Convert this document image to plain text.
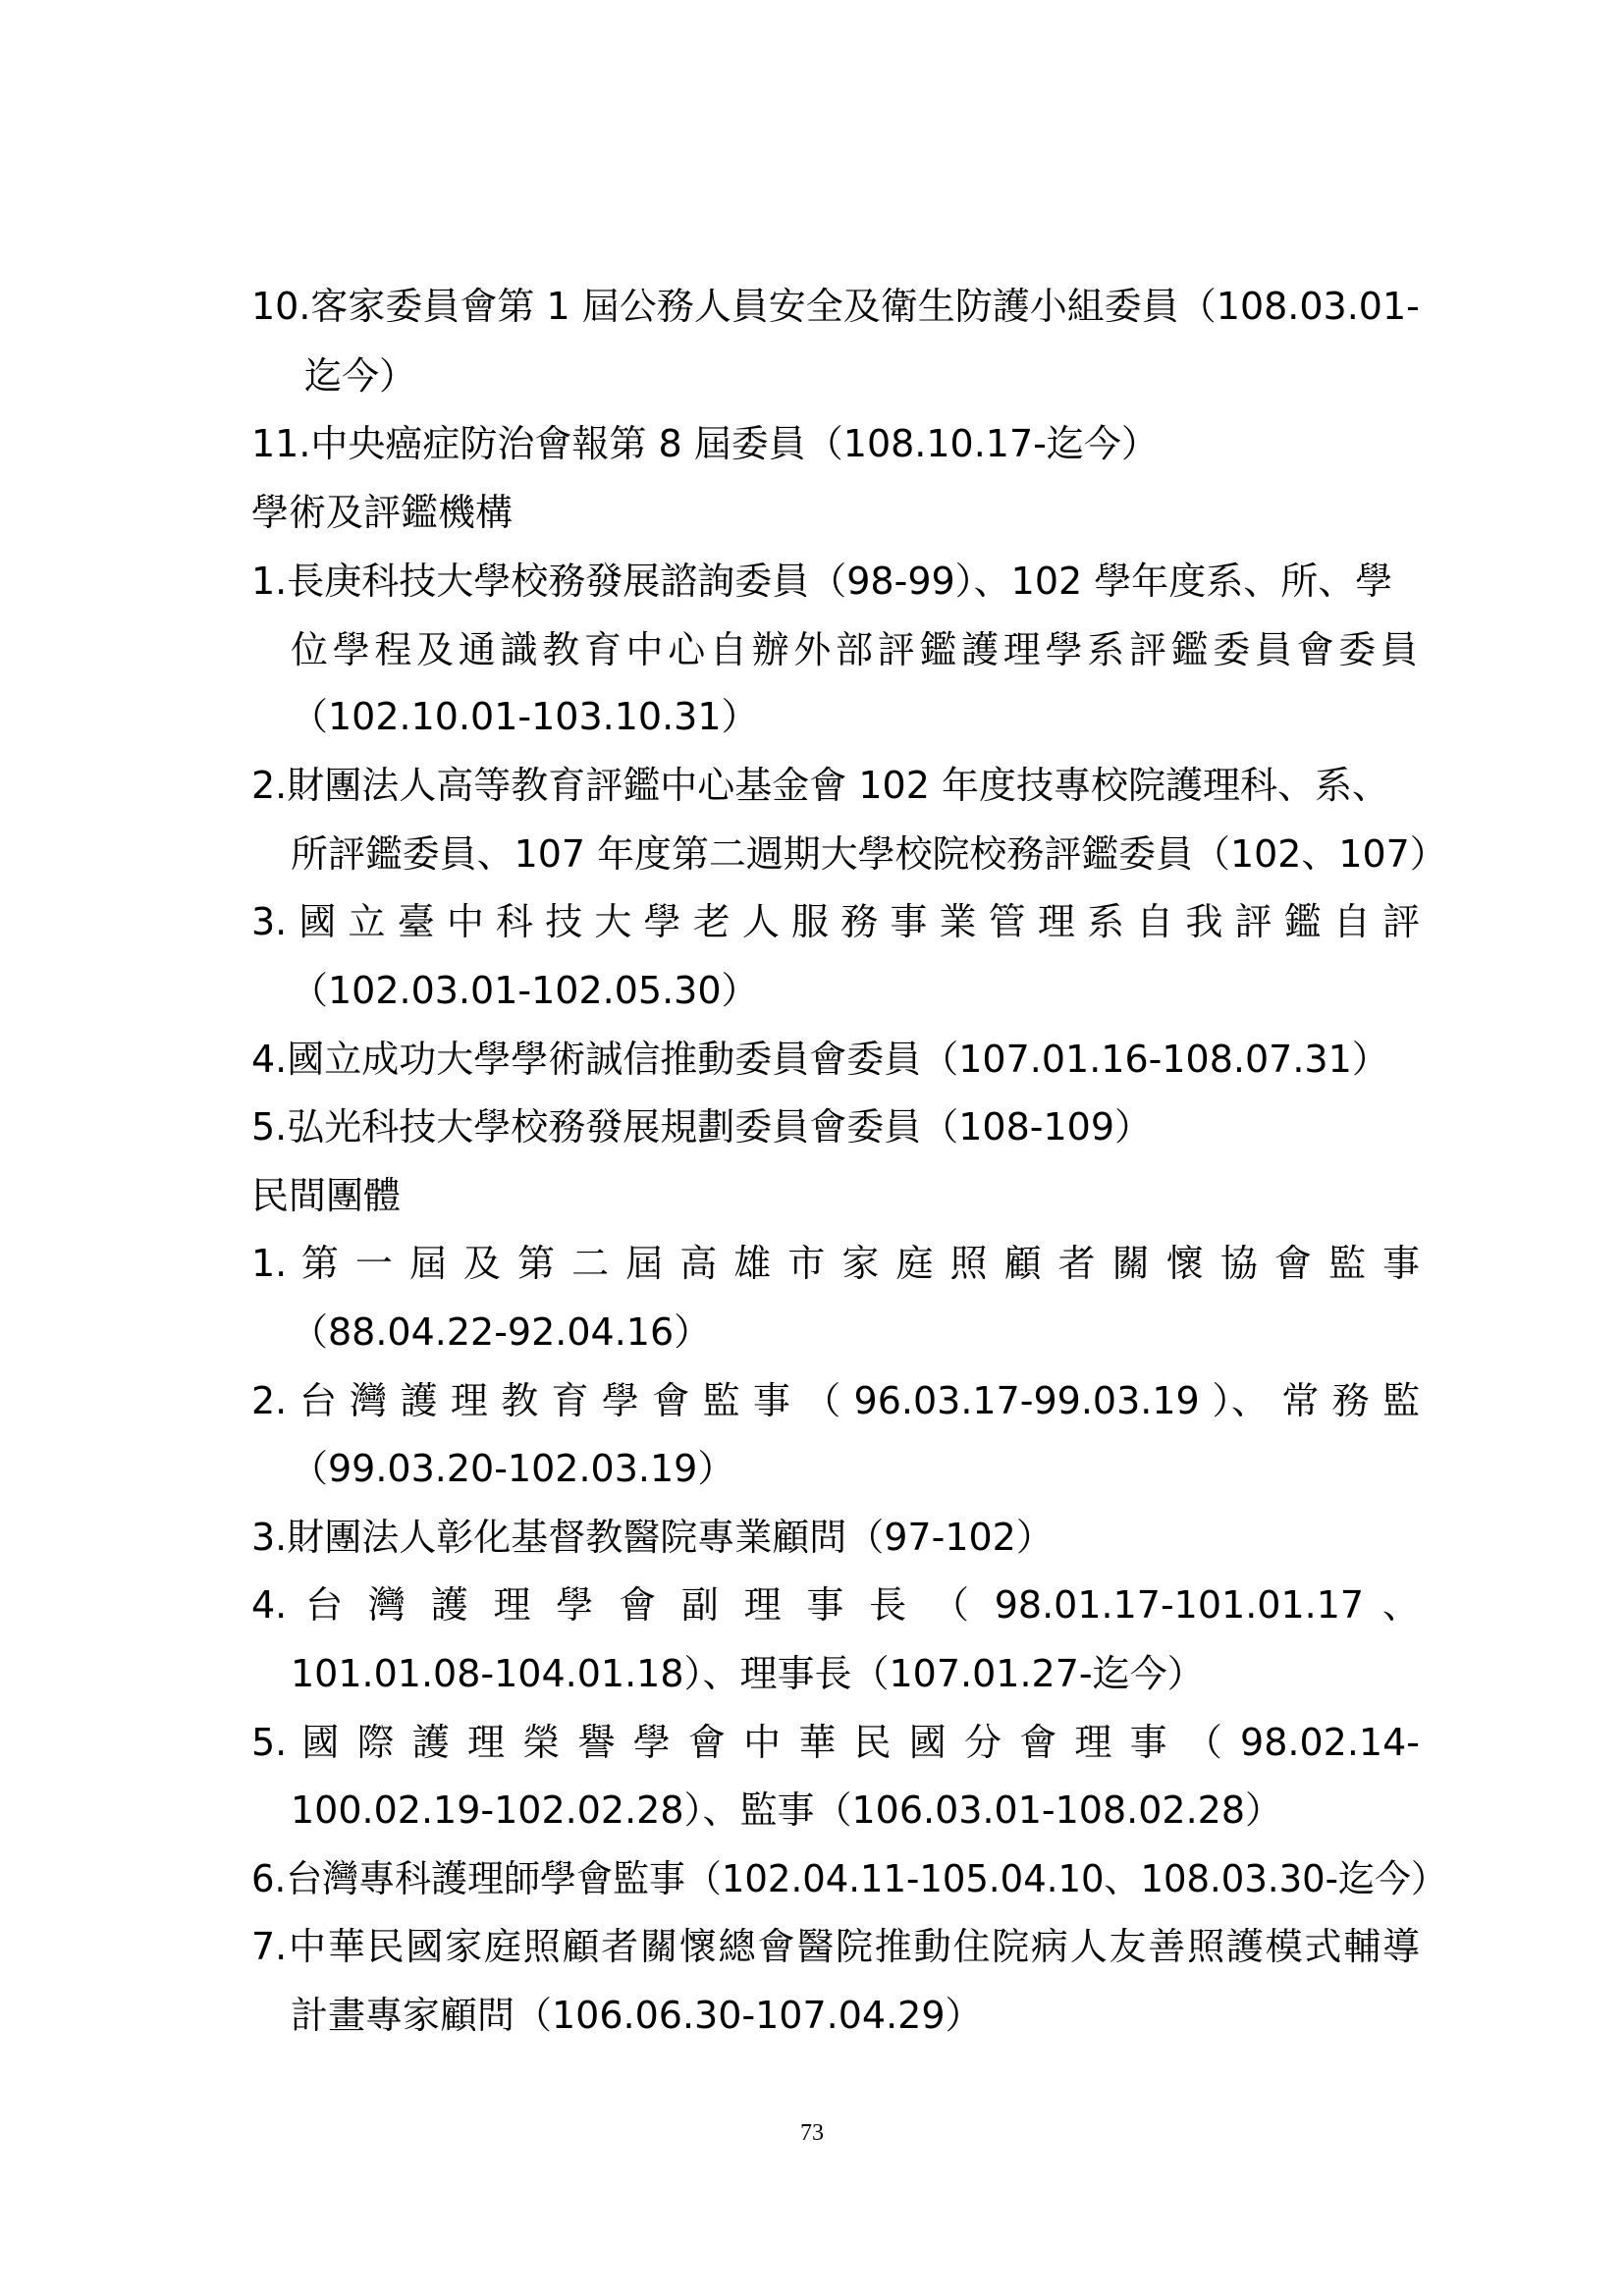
10.客家委員會第 1 屆公務人員安全及衛生防護小組委員（108.03.01-
迄今）
11.中央癌症防治會報第 8 屆委員（108.10.17-迄今）
學術及評鑑機構
1.長庚科技大學校務發展諮詢委員（98-99）、102 學年度系、所、學
位學程及通識教育中心自辦外部評鑑護理學系評鑑委員會委員
（102.10.01-103.10.31）
2.財團法人高等教育評鑑中心基金會 102 年度技專校院護理科、系、
所評鑑委員、107 年度第二週期大學校院校務評鑑委員（102、107）
3. 國 立 臺 中 科 技 大 學 老 人 服 務 事 業 管 理 系 自 我 評 鑑 自 評
（102.03.01-102.05.30）
4.國立成功大學學術誠信推動委員會委員（107.01.16-108.07.31）
5.弘光科技大學校務發展規劃委員會委員（108-109）
民間團體
1. 第 一 屆 及 第 二 屆 高 雄 市 家 庭 照 顧 者 關 懷 協 會 監 事
（88.04.22-92.04.16）
2. 台 灣 護 理 教 育 學 會 監 事 （ 96.03.17-99.03.19 ）、 常 務 監
（99.03.20-102.03.19）
3.財團法人彰化基督教醫院專業顧問（97-102）
4. 台 灣 護 理 學 會 副 理 事 長 （ 98.01.17-101.01.17 、
101.01.08-104.01.18）、理事長（107.01.27-迄今）
5. 國 際 護 理 榮 譽 學 會 中 華 民 國 分 會 理 事 （ 98.02.14-
100.02.19-102.02.28）、監事（106.03.01-108.02.28）
6.台灣專科護理師學會監事（102.04.11-105.04.10、108.03.30-迄今）
7.中華民國家庭照顧者關懷總會醫院推動住院病人友善照護模式輔導
計畫專家顧問（106.06.30-107.04.29）
73
